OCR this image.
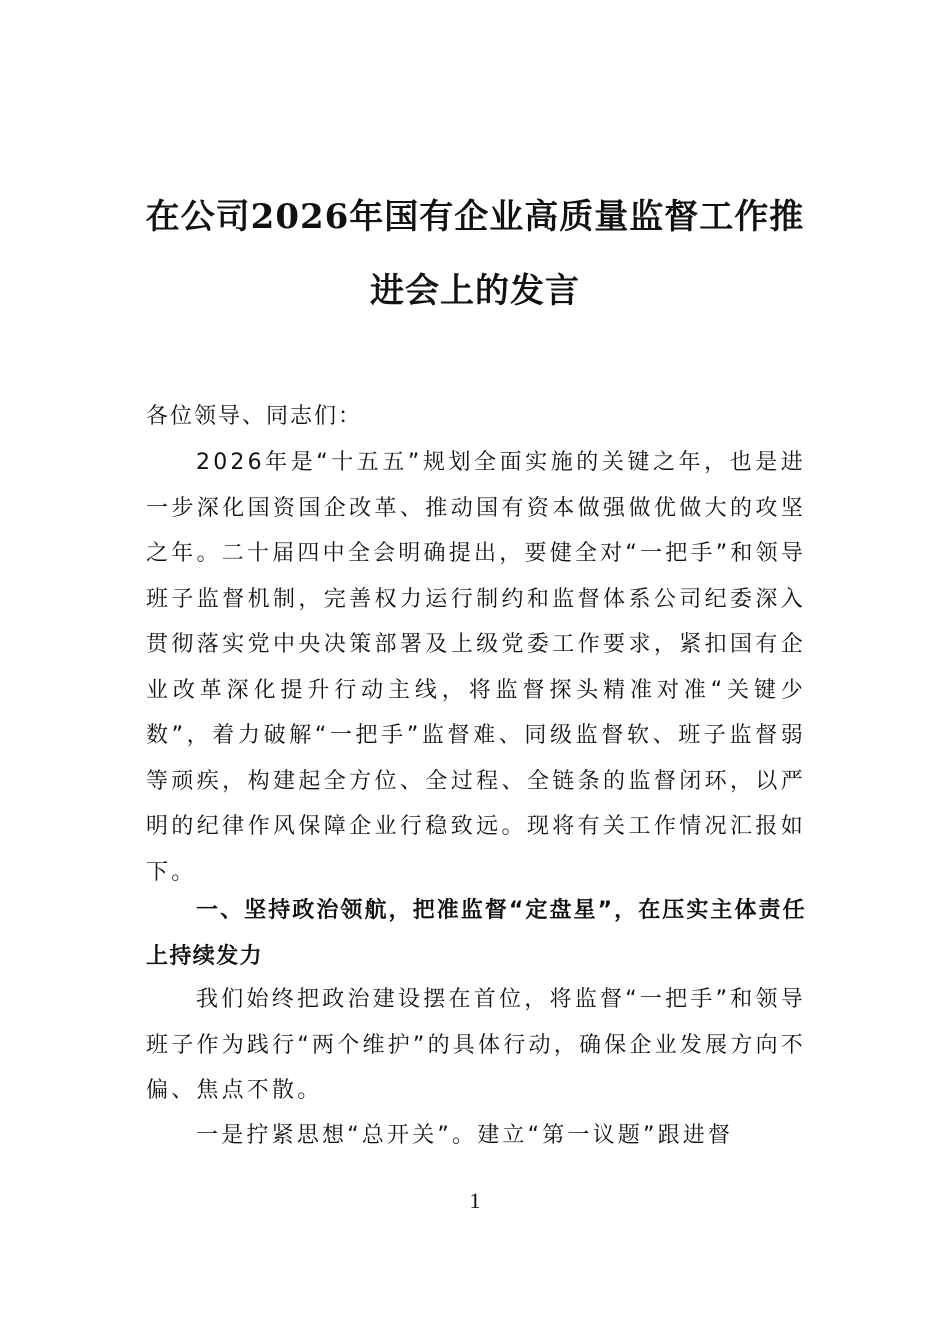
在公司2026年国有企业高质量监督工作推
进会上的发言

各位领导、同志们：

2026年是“十五五”规划全面实施的关键之年，也是进一步深化国资国企改革、推动国有资本做强做优做大的攻坚之年。二十届四中全会明确提出，要健全对“一把手”和领导班子监督机制，完善权力运行制约和监督体系公司纪委深入贯彻落实党中央决策部署及上级党委工作要求，紧扣国有企业改革深化提升行动主线，将监督探头精准对准“关键少数”，着力破解“一把手”监督难、同级监督软、班子监督弱等顽疾，构建起全方位、全过程、全链条的监督闭环，以严明的纪律作风保障企业行稳致远。现将有关工作情况汇报如下。

一、坚持政治领航，把准监督“定盘星”，在压实主体责任上持续发力

我们始终把政治建设摆在首位，将监督“一把手”和领导班子作为践行“两个维护”的具体行动，确保企业发展方向不偏、焦点不散。

一是拧紧思想“总开关”。建立“第一议题”跟进督

1
